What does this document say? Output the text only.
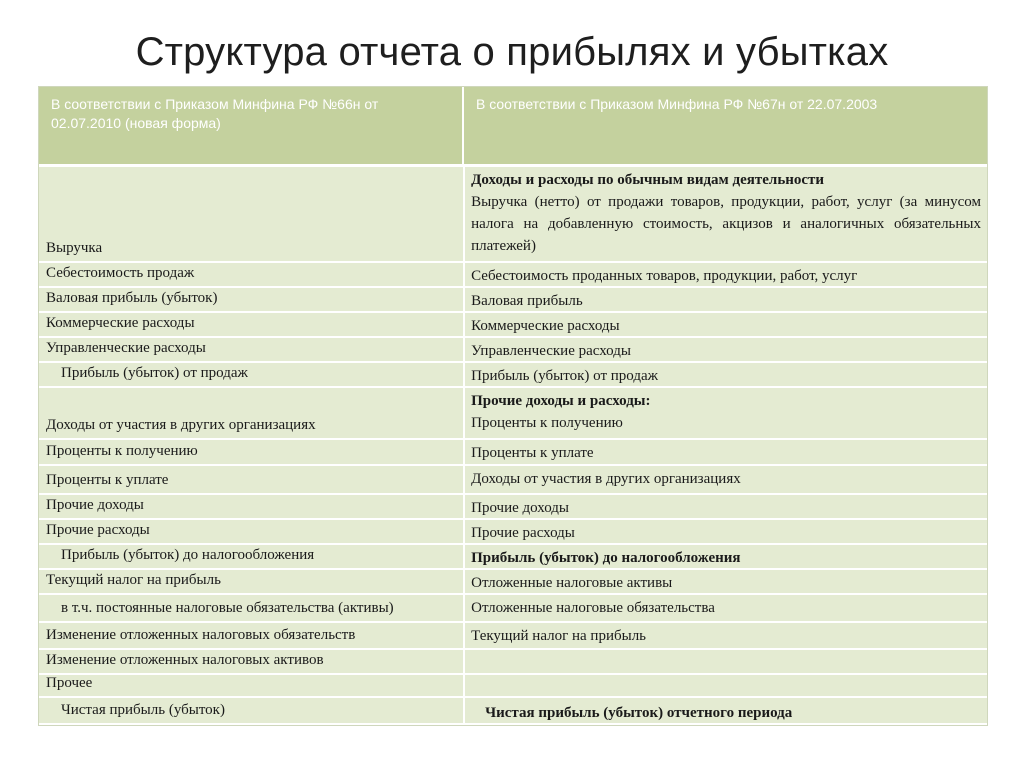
Структура отчета о прибылях и убытках
В соответствии с Приказом Минфина РФ №66н от 02.07.2010 (новая форма)
В соответствии с Приказом Минфина РФ №67н от 22.07.2003
Выручка
Себестоимость продаж
Валовая прибыль (убыток)
Коммерческие расходы
Управленческие расходы
Прибыль (убыток) от продаж
Доходы от участия в других организациях
Проценты к получению
Проценты к уплате
Прочие доходы
Прочие расходы
Прибыль (убыток) до налогообложения
Текущий налог на прибыль
в т.ч. постоянные налоговые обязательства (активы)
Изменение отложенных налоговых обязательств
Изменение отложенных налоговых активов
Прочее
Чистая прибыль (убыток)
Доходы и расходы по обычным видам деятельности
Выручка (нетто) от продажи товаров, продукции, работ, услуг (за минусом налога на добавленную стоимость, акцизов и аналогичных обязательных платежей)
Себестоимость проданных товаров, продукции, работ, услуг
Валовая прибыль
Коммерческие расходы
Управленческие расходы
Прибыль (убыток) от продаж
Прочие доходы и расходы:
Проценты к получению
Проценты к уплате
Доходы от участия в других организациях
Прочие доходы
Прочие расходы
Прибыль (убыток) до налогообложения
Отложенные налоговые активы
Отложенные налоговые обязательства
Текущий налог на прибыль
Чистая прибыль (убыток) отчетного периода
